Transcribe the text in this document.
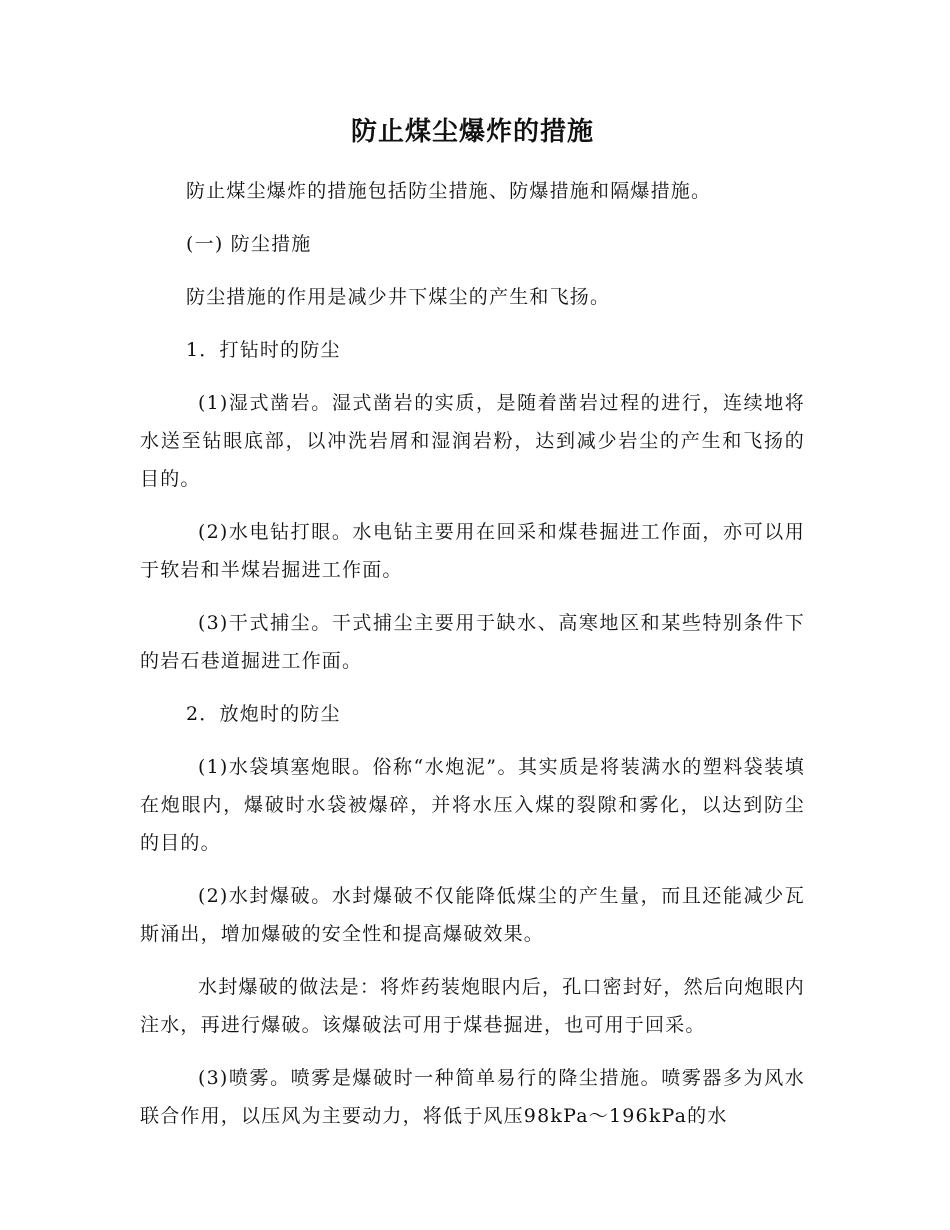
防止煤尘爆炸的措施

防止煤尘爆炸的措施包括防尘措施、防爆措施和隔爆措施。

(一) 防尘措施

防尘措施的作用是减少井下煤尘的产生和飞扬。

1．打钻时的防尘

(1)湿式凿岩。湿式凿岩的实质，是随着凿岩过程的进行，连续地将水送至钻眼底部，以冲洗岩屑和湿润岩粉，达到减少岩尘的产生和飞扬的目的。

(2)水电钻打眼。水电钻主要用在回采和煤巷掘进工作面，亦可以用于软岩和半煤岩掘进工作面。

(3)干式捕尘。干式捕尘主要用于缺水、高寒地区和某些特别条件下的岩石巷道掘进工作面。

2．放炮时的防尘

(1)水袋填塞炮眼。俗称“水炮泥”。其实质是将装满水的塑料袋装填在炮眼内，爆破时水袋被爆碎，并将水压入煤的裂隙和雾化，以达到防尘的目的。

(2)水封爆破。水封爆破不仅能降低煤尘的产生量，而且还能减少瓦斯涌出，增加爆破的安全性和提高爆破效果。

水封爆破的做法是：将炸药装炮眼内后，孔口密封好，然后向炮眼内注水，再进行爆破。该爆破法可用于煤巷掘进，也可用于回采。

(3)喷雾。喷雾是爆破时一种简单易行的降尘措施。喷雾器多为风水联合作用，以压风为主要动力，将低于风压98kPa～196kPa的水
